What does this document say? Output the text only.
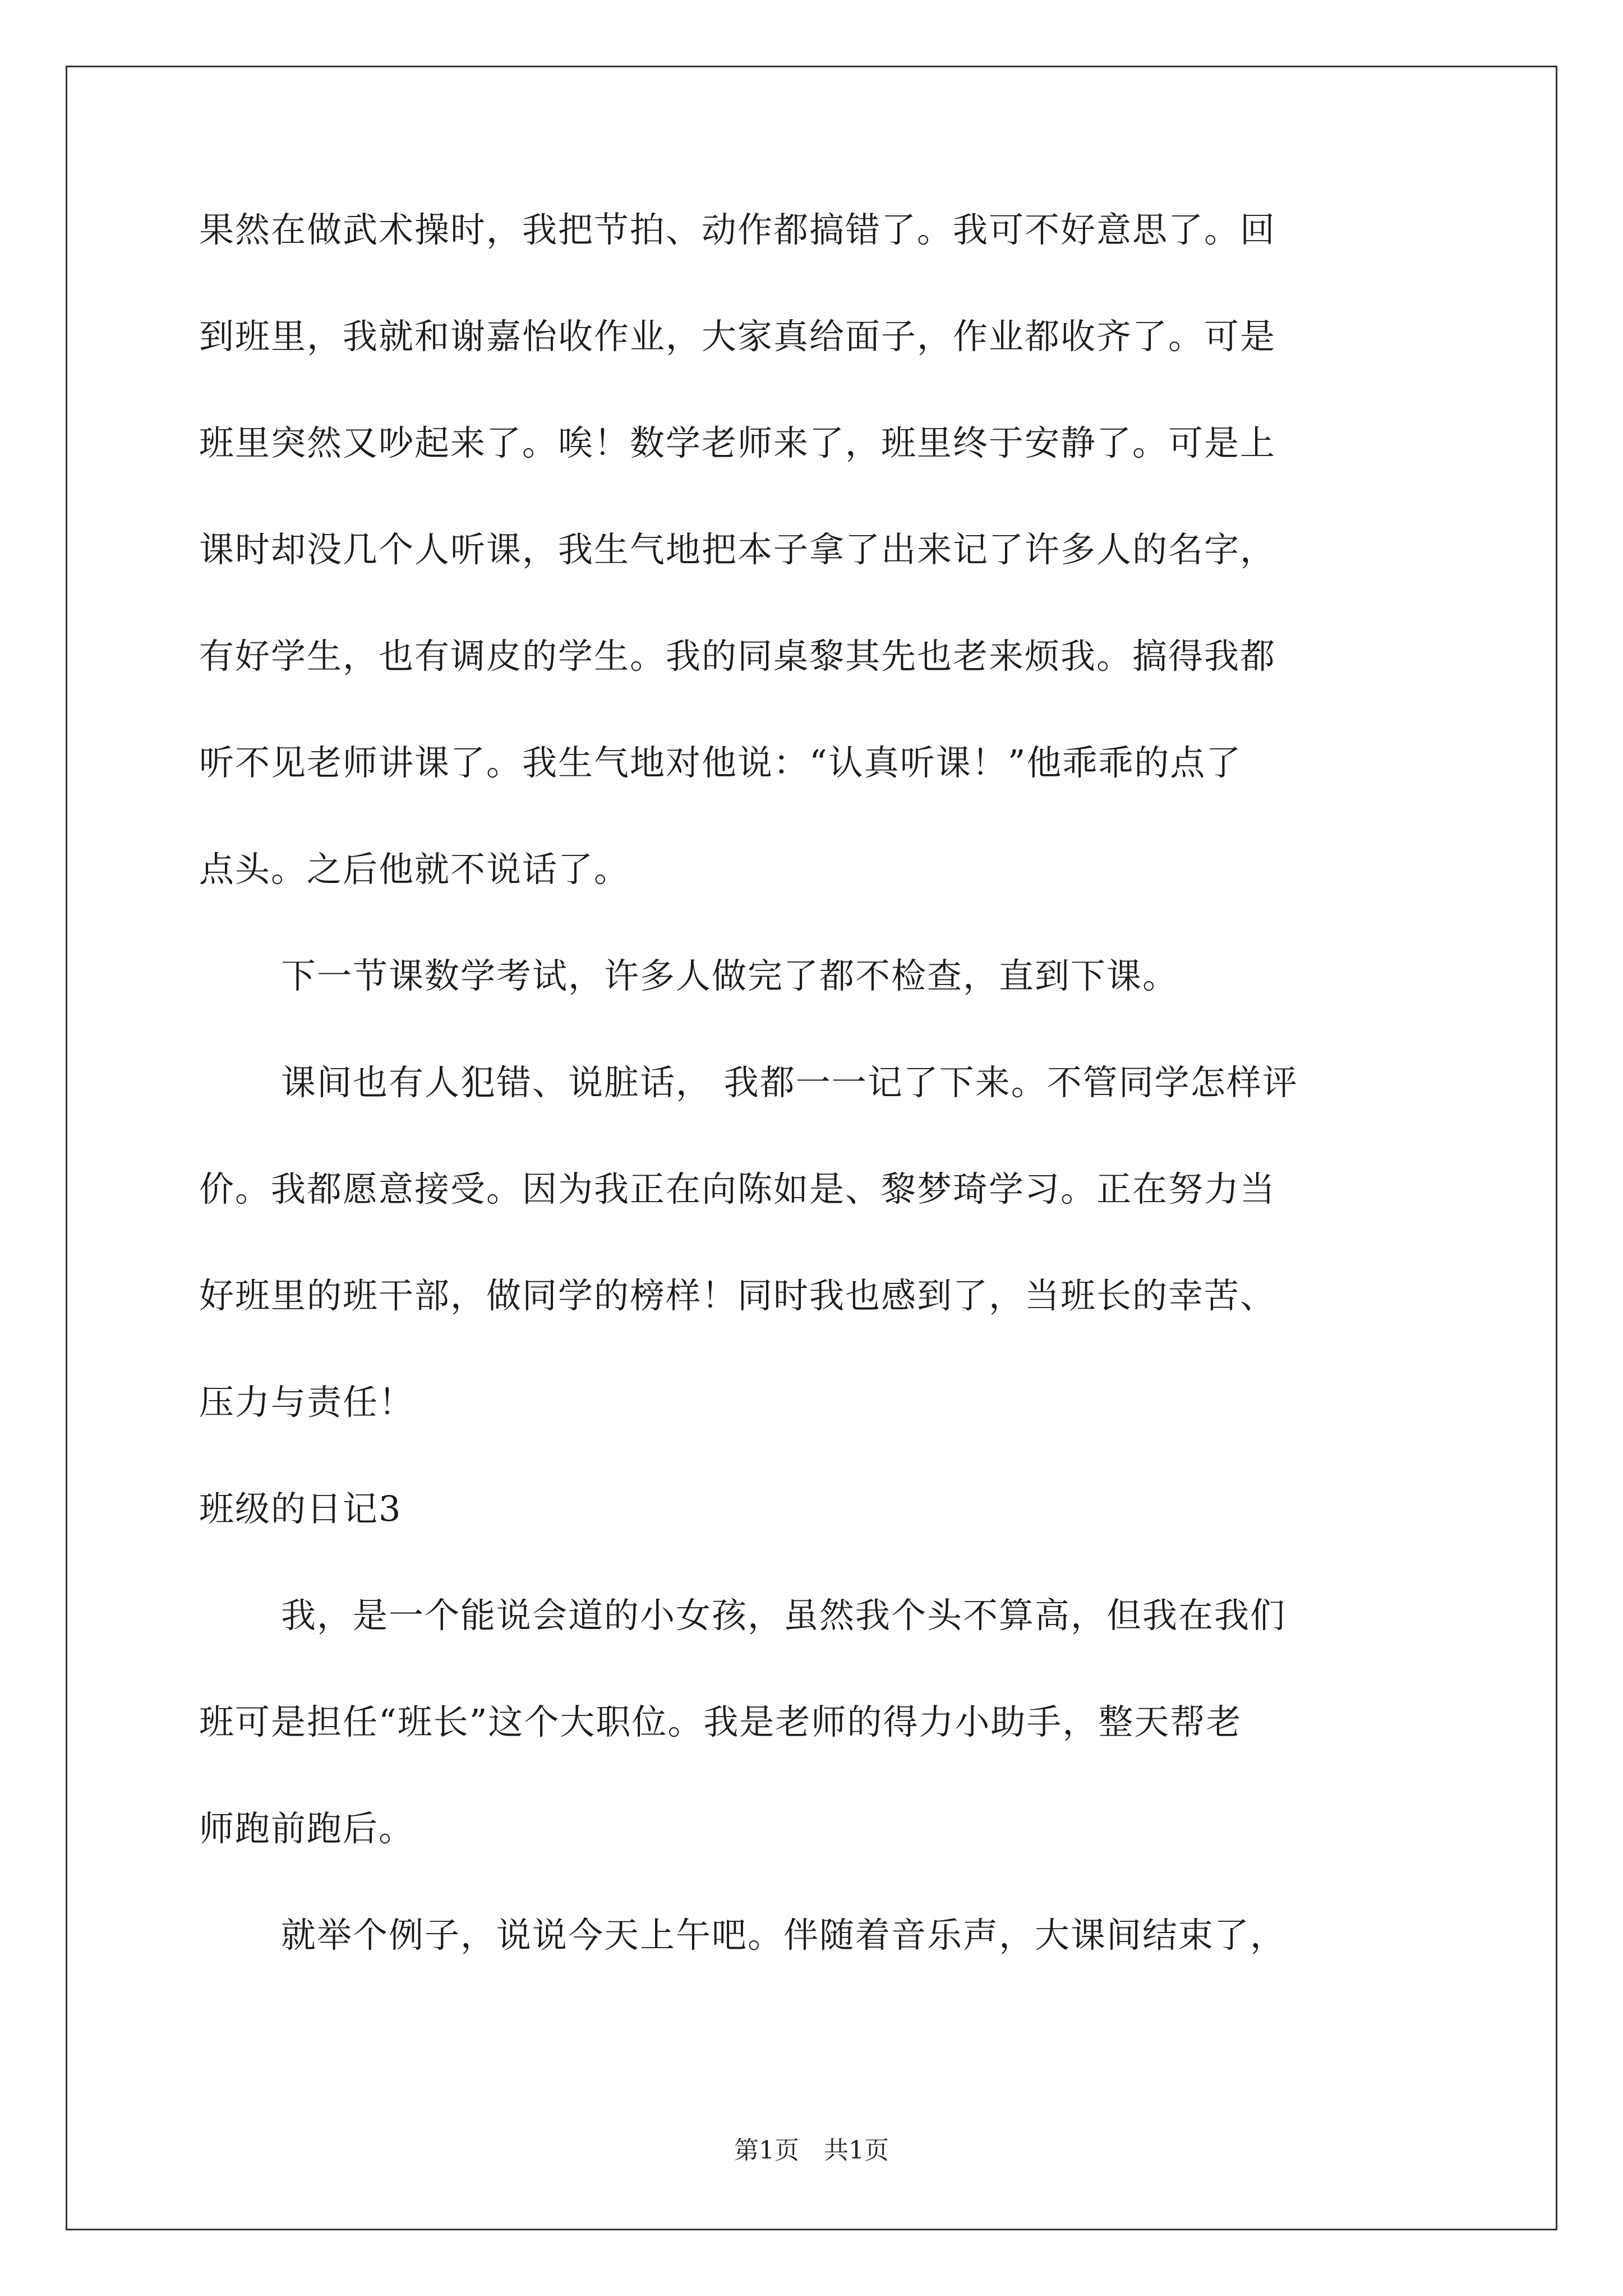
果然在做武术操时，我把节拍、动作都搞错了。我可不好意思了。回
到班里，我就和谢嘉怡收作业，大家真给面子，作业都收齐了。可是
班里突然又吵起来了。唉！数学老师来了，班里终于安静了。可是上
课时却没几个人听课，我生气地把本子拿了出来记了许多人的名字，
有好学生，也有调皮的学生。我的同桌黎其先也老来烦我。搞得我都
听不见老师讲课了。我生气地对他说：“认真听课！”他乖乖的点了
点头。之后他就不说话了。
下一节课数学考试，许多人做完了都不检查，直到下课。
课间也有人犯错、说脏话， 我都一一记了下来。不管同学怎样评
价。我都愿意接受。因为我正在向陈如是、黎梦琦学习。正在努力当
好班里的班干部，做同学的榜样！同时我也感到了，当班长的幸苦、
压力与责任！
班级的日记3
我，是一个能说会道的小女孩，虽然我个头不算高，但我在我们
班可是担任“班长”这个大职位。我是老师的得力小助手，整天帮老
师跑前跑后。
就举个例子，说说今天上午吧。伴随着音乐声，大课间结束了，
第1页　共1页
